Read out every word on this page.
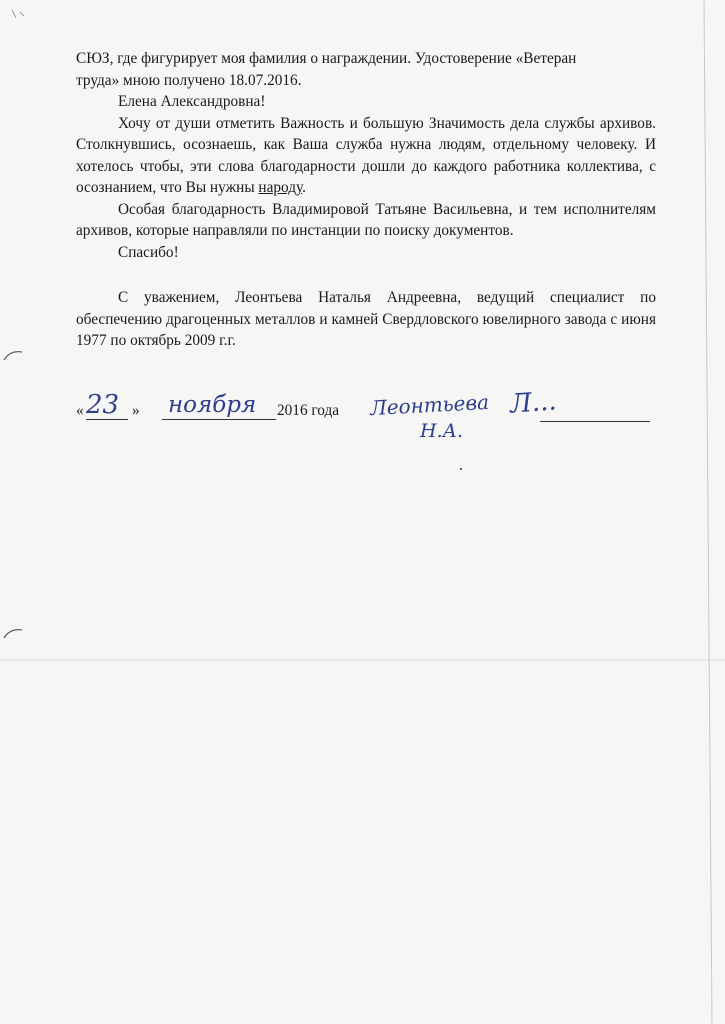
СЮЗ, где фигурирует моя фамилия о награждении. Удостоверение «Ветеран

труда» мною получено 18.07.2016.

Елена Александровна!

Хочу от души отметить Важность и большую Значимость дела службы архивов. Столкнувшись, осознаешь, как Ваша служба нужна людям, отдельному человеку. И хотелось чтобы, эти слова благодарности дошли до каждого работника коллектива, с осознанием, что Вы нужны народу.

Особая благодарность Владимировой Татьяне Васильевна, и тем исполнителям архивов, которые направляли по инстанции по поиску документов.

Спасибо!

С уважением, Леонтьева Наталья Андреевна, ведущий специалист по обеспечению драгоценных металлов и камней Свердловского ювелирного завода с июня 1977 по октябрь 2009 г.г.

« 23 » ноября 2016 года Леонтьева
Н.А.
Л...
